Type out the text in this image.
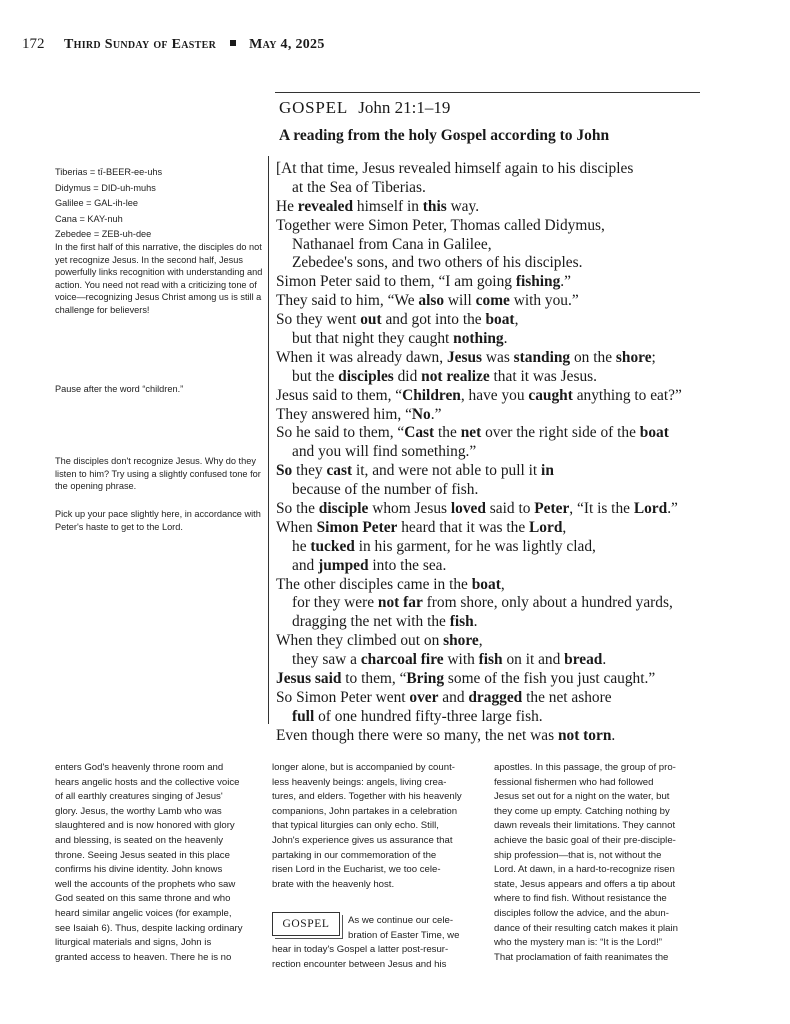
172 Third Sunday of Easter May 4, 2025
GOSPEL John 21:1–19
A reading from the holy Gospel according to John
[At that time, Jesus revealed himself again to his disciples
at the Sea of Tiberias.
He revealed himself in this way.
Together were Simon Peter, Thomas called Didymus,
Nathanael from Cana in Galilee,
Zebedee's sons, and two others of his disciples.
Simon Peter said to them, “I am going fishing.”
They said to him, “We also will come with you.”
So they went out and got into the boat,
but that night they caught nothing.
When it was already dawn, Jesus was standing on the shore;
but the disciples did not realize that it was Jesus.
Jesus said to them, “Children, have you caught anything to eat?”
They answered him, “No.”
So he said to them, “Cast the net over the right side of the boat
and you will find something.”
So they cast it, and were not able to pull it in
because of the number of fish.
So the disciple whom Jesus loved said to Peter, “It is the Lord.”
When Simon Peter heard that it was the Lord,
he tucked in his garment, for he was lightly clad,
and jumped into the sea.
The other disciples came in the boat,
for they were not far from shore, only about a hundred yards,
dragging the net with the fish.
When they climbed out on shore,
they saw a charcoal fire with fish on it and bread.
Jesus said to them, “Bring some of the fish you just caught.”
So Simon Peter went over and dragged the net ashore
full of one hundred fifty-three large fish.
Even though there were so many, the net was not torn.
Tiberias = tī-BEER-ee-uhs
Didymus = DID-uh-muhs
Galilee = GAL-ih-lee
Cana = KAY-nuh
Zebedee = ZEB-uh-dee
In the first half of this narrative, the disciples do not yet recognize Jesus. In the second half, Jesus powerfully links recognition with understanding and action. You need not read with a criticizing tone of voice—recognizing Jesus Christ among us is still a challenge for believers!
Pause after the word “children.”
The disciples don't recognize Jesus. Why do they listen to him? Try using a slightly confused tone for the opening phrase.
Pick up your pace slightly here, in accordance with Peter's haste to get to the Lord.
enters God's heavenly throne room and
hears angelic hosts and the collective voice
of all earthly creatures singing of Jesus'
glory. Jesus, the worthy Lamb who was
slaughtered and is now honored with glory
and blessing, is seated on the heavenly
throne. Seeing Jesus seated in this place
confirms his divine identity. John knows
well the accounts of the prophets who saw
God seated on this same throne and who
heard similar angelic voices (for example,
see Isaiah 6). Thus, despite lacking ordinary
liturgical materials and signs, John is
granted access to heaven. There he is no
longer alone, but is accompanied by count-
less heavenly beings: angels, living crea-
tures, and elders. Together with his heavenly
companions, John partakes in a celebration
that typical liturgies can only echo. Still,
John's experience gives us assurance that
partaking in our commemoration of the
risen Lord in the Eucharist, we too cele-
brate with the heavenly host.
GOSPEL	As we continue our cele-
bration of Easter Time, we
hear in today's Gospel a latter post-resur-
rection encounter between Jesus and his
apostles. In this passage, the group of pro-
fessional fishermen who had followed
Jesus set out for a night on the water, but
they come up empty. Catching nothing by
dawn reveals their limitations. They cannot
achieve the basic goal of their pre-disciple-
ship profession—that is, not without the
Lord. At dawn, in a hard-to-recognize risen
state, Jesus appears and offers a tip about
where to find fish. Without resistance the
disciples follow the advice, and the abun-
dance of their resulting catch makes it plain
who the mystery man is: “It is the Lord!”
That proclamation of faith reanimates the
